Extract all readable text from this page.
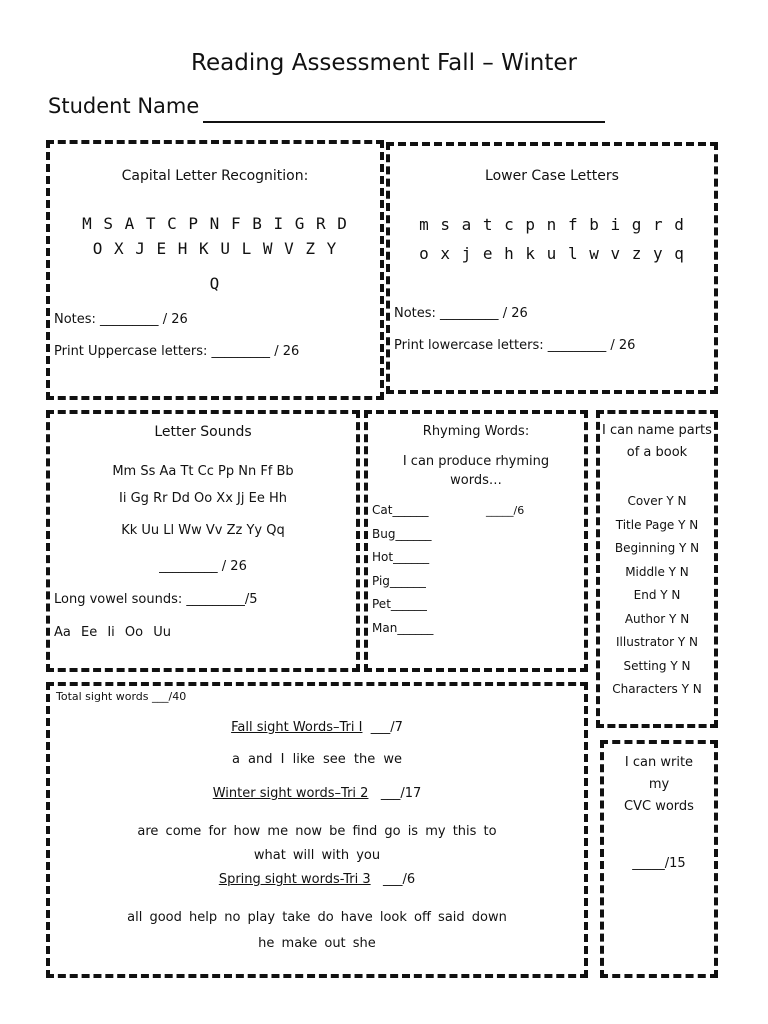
Reading Assessment Fall – Winter
Student Name
Capital Letter Recognition:
M S A T C P N F B I G R D
O X J E H K U L W V Z Y
Q
Notes: _________ / 26
Print Uppercase letters: _________ / 26
Lower Case Letters
m s a t c p n f b i g r d
o x j e h k u l w v z y q
Notes: _________ / 26
Print lowercase letters: _________ / 26
Letter Sounds
Mm Ss Aa Tt Cc Pp Nn Ff Bb
Ii Gg Rr Dd Oo Xx Jj Ee Hh
Kk Uu Ll Ww Vv Zz Yy Qq
_________ / 26
Long vowel sounds: _________/5
Aa Ee Ii Oo Uu
Rhyming Words:
I can produce rhyming words…
_____/6
Cat______
Bug______
Hot______
Pig______
Pet______
Man______
I can name parts of a book
Cover Y N
Title Page Y N
Beginning Y N
Middle Y N
End Y N
Author Y N
Illustrator Y N
Setting Y N
Characters Y N
Total sight words ___/40
Fall sight Words–Tri I ___/7
a and I like see the we
Winter sight words–Tri 2 ___/17
are come for how me now be find go is my this to
what will with you
Spring sight words-Tri 3 ___/6
all good help no play take do have look off said down
he make out she
I can write
my
CVC words
_____/15
